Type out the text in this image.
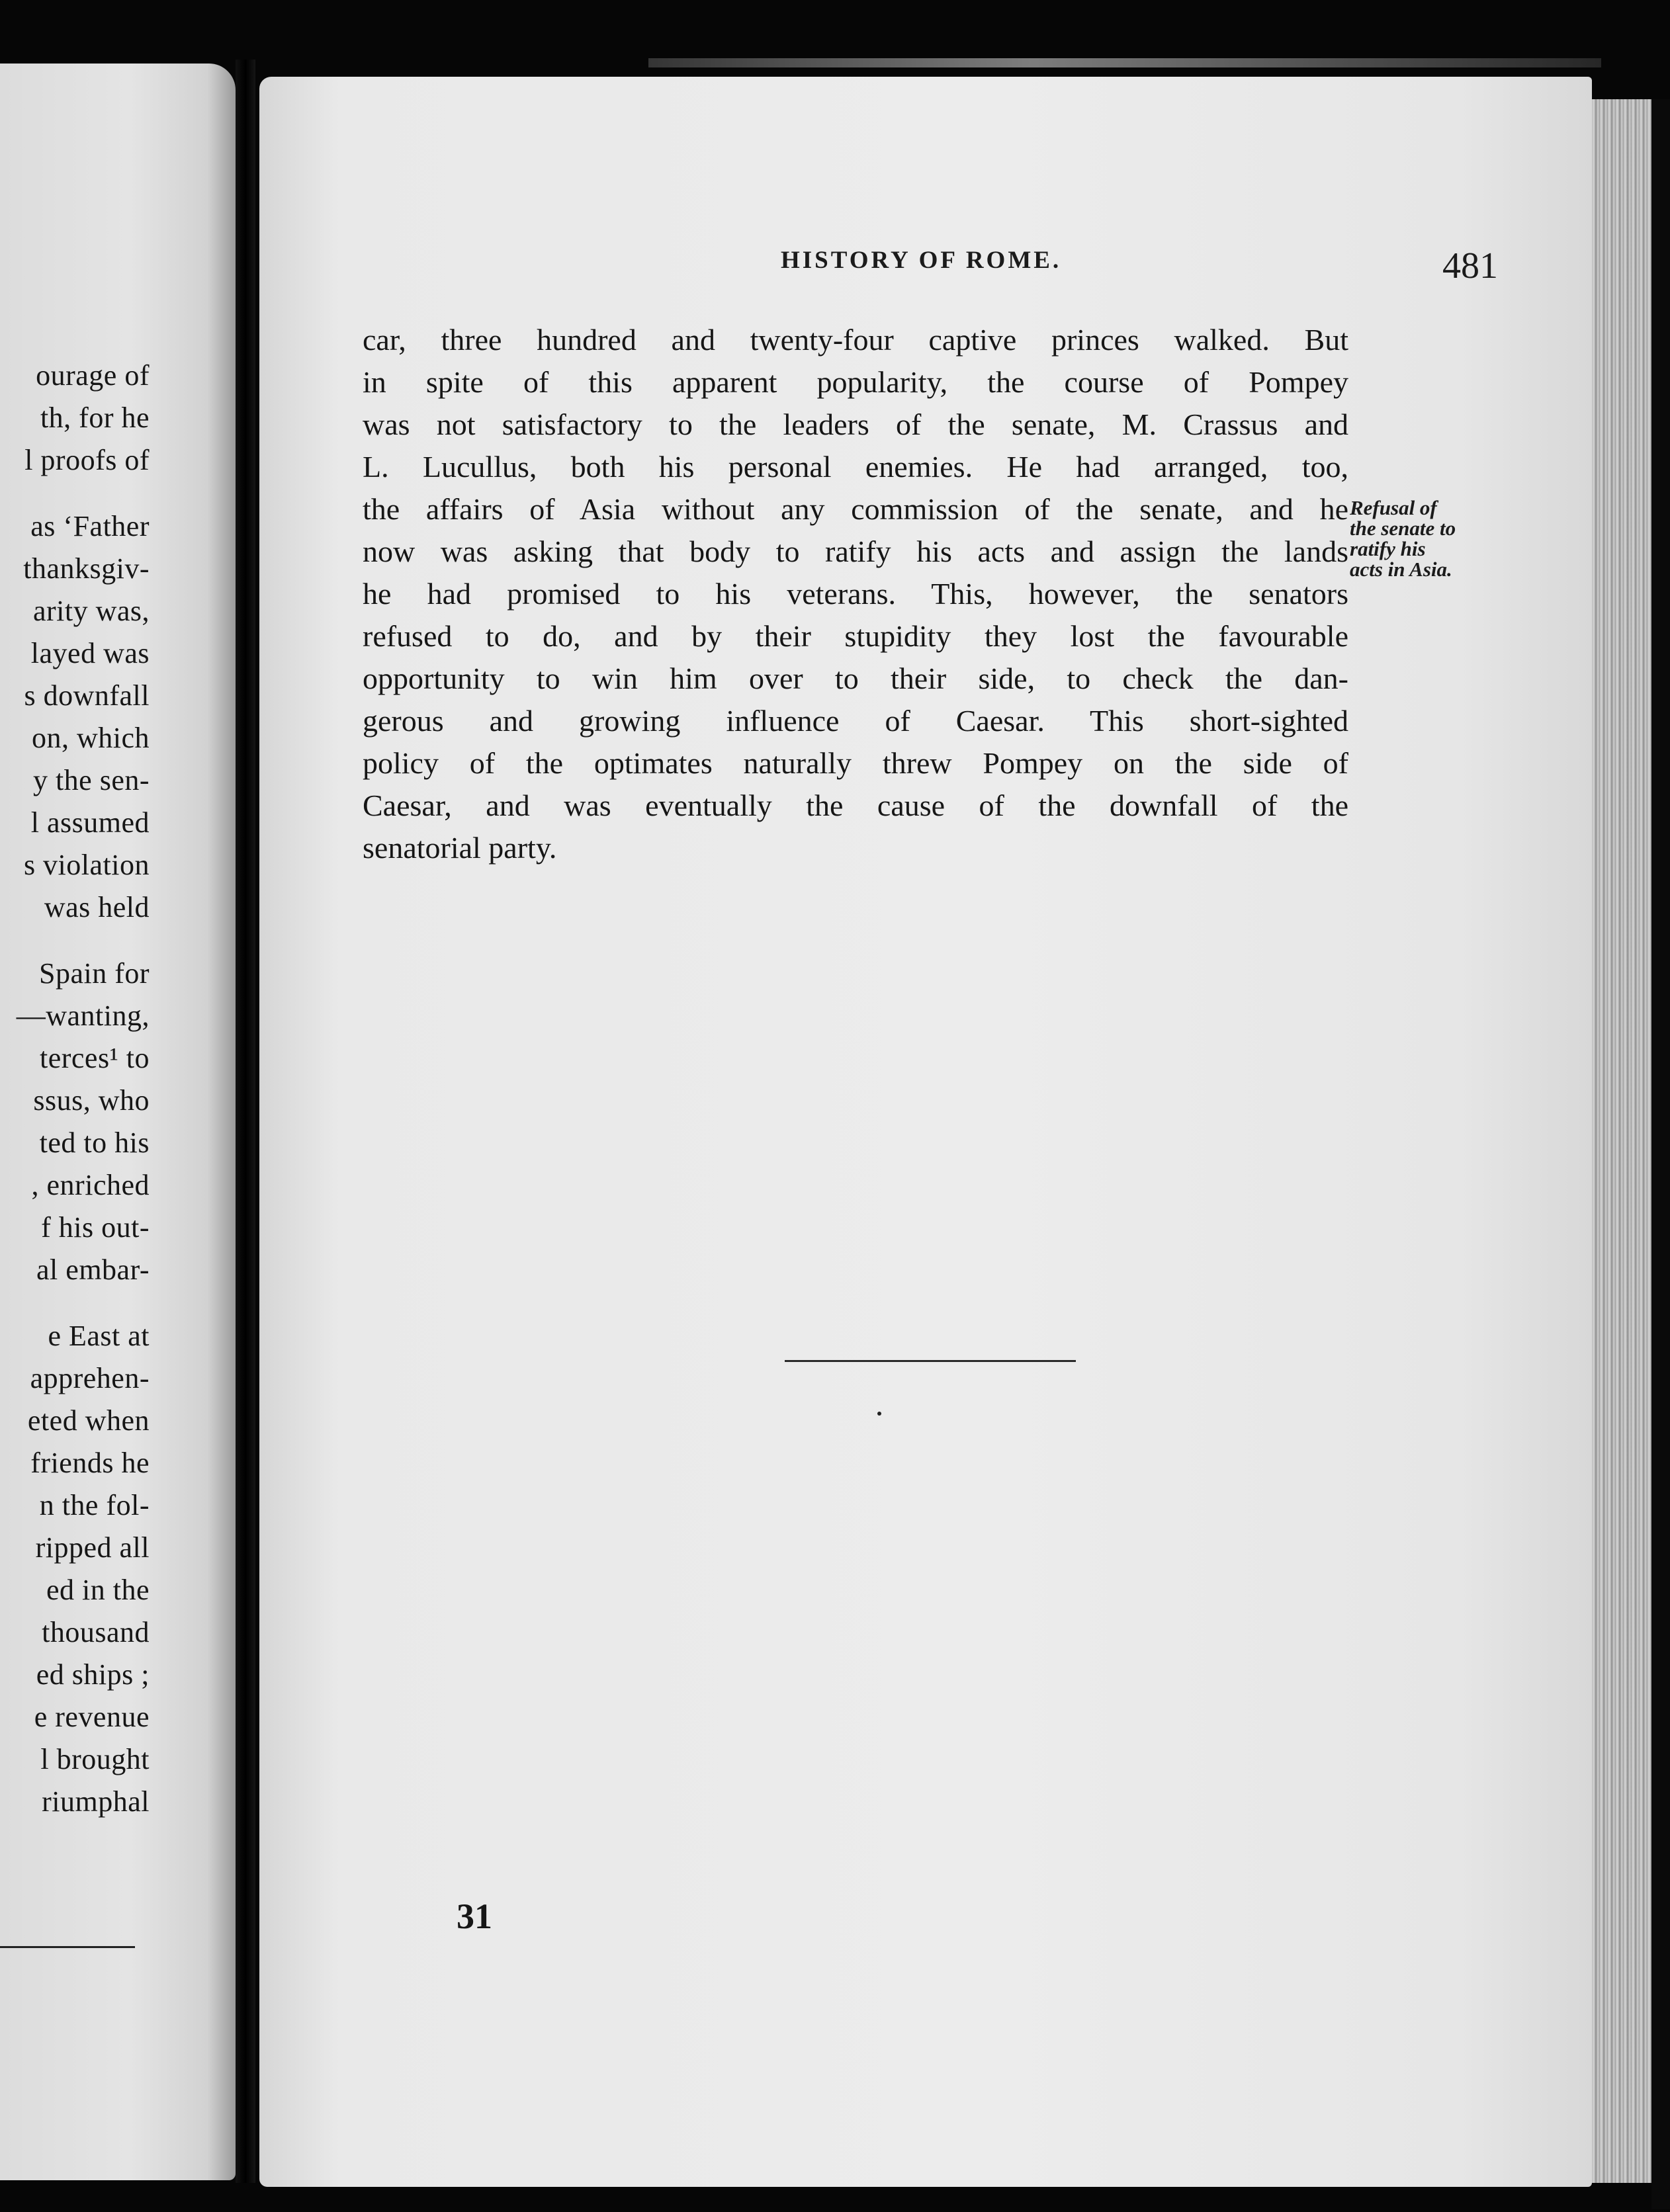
ourage of
th, for he
l proofs of
as ‘Father
thanksgiv-
arity was,
layed was
s downfall
on, which
y the sen-
l assumed
s violation
was held
Spain for
—wanting,
terces¹ to
ssus, who
ted to his
, enriched
f his out-
al embar-
e East at
apprehen-
eted when
friends he
n the fol-
ripped all
ed in the
thousand
ed ships ;
e revenue
l brought
riumphal
HISTORY OF ROME.	481
car, three hundred and twenty-four captive princes walked. But
in spite of this apparent popularity, the course of Pompey
was not satisfactory to the leaders of the senate, M. Crassus and
L. Lucullus, both his personal enemies. He had arranged, too,
the affairs of Asia without any commission of the senate, and he
now was asking that body to ratify his acts and assign the lands
he had promised to his veterans. This, however, the senators
refused to do, and by their stupidity they lost the favourable
opportunity to win him over to their side, to check the dan-
gerous and growing influence of Caesar. This short-sighted
policy of the optimates naturally threw Pompey on the side of
Caesar, and was eventually the cause of the downfall of the
senatorial party.
Refusal of
the senate to
ratify his
acts in Asia.
31
